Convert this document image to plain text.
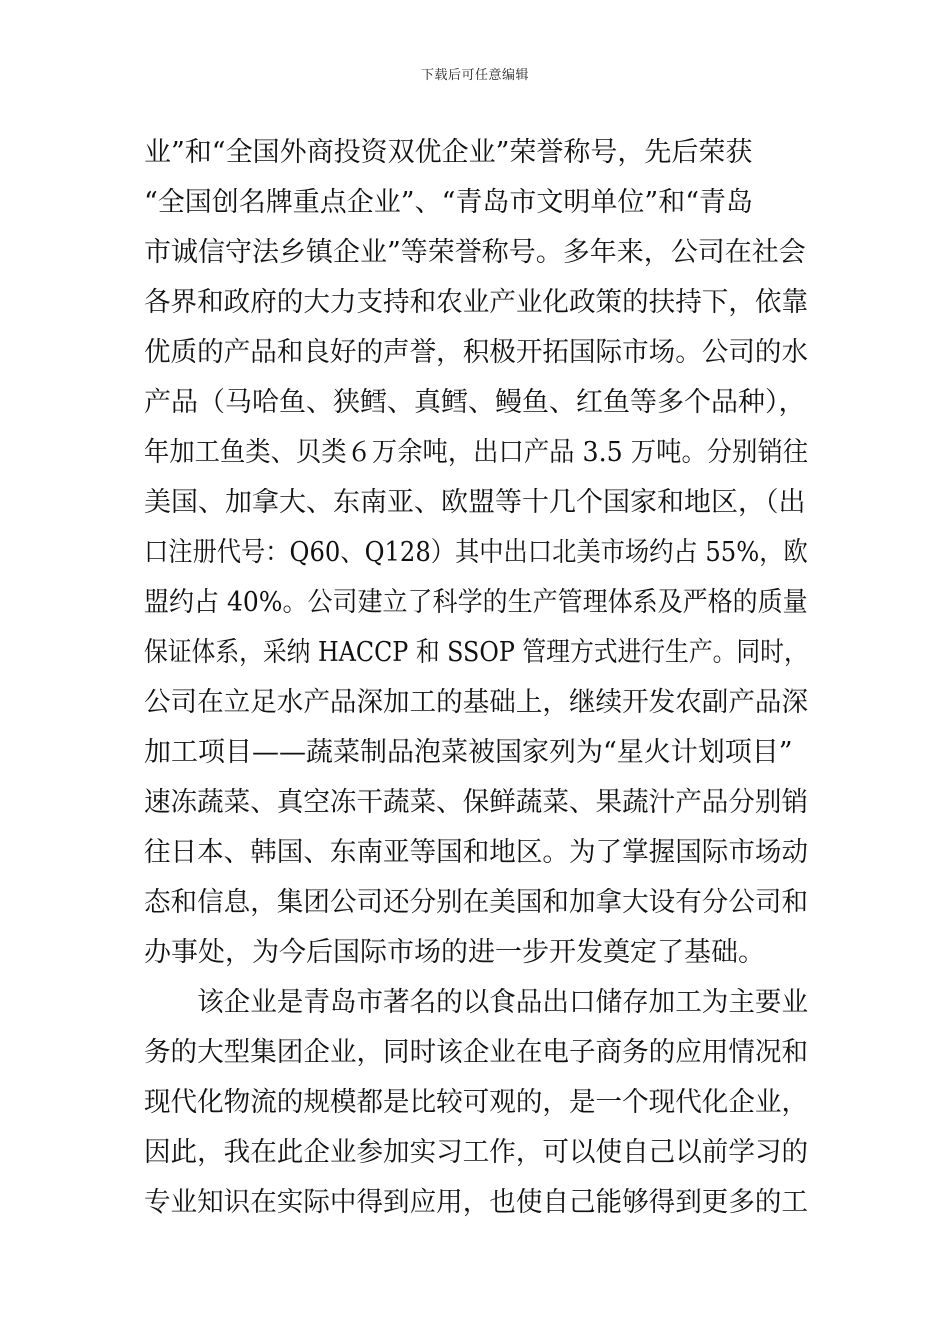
下载后可任意编辑
业”和“全国外商投资双优企业”荣誉称号，先后荣获
“全国创名牌重点企业”、“青岛市文明单位”和“青岛
市诚信守法乡镇企业”等荣誉称号。多年来，公司在社会
各界和政府的大力支持和农业产业化政策的扶持下，依靠
优质的产品和良好的声誉，积极开拓国际市场。公司的水
产品（马哈鱼、狭鳕、真鳕、鳗鱼、红鱼等多个品种），
年加工鱼类、贝类６万余吨，出口产品 3.5 万吨。分别销往
美国、加拿大、东南亚、欧盟等十几个国家和地区，（出
口注册代号：Q60、Q128）其中出口北美市场约占 55%，欧
盟约占 40%。公司建立了科学的生产管理体系及严格的质量
保证体系，采纳 HACCP 和 SSOP 管理方式进行生产。同时，
公司在立足水产品深加工的基础上，继续开发农副产品深
加工项目——蔬菜制品泡菜被国家列为“星火计划项目”
速冻蔬菜、真空冻干蔬菜、保鲜蔬菜、果蔬汁产品分别销
往日本、韩国、东南亚等国和地区。为了掌握国际市场动
态和信息，集团公司还分别在美国和加拿大设有分公司和
办事处，为今后国际市场的进一步开发奠定了基础。
　　该企业是青岛市著名的以食品出口储存加工为主要业
务的大型集团企业，同时该企业在电子商务的应用情况和
现代化物流的规模都是比较可观的，是一个现代化企业，
因此，我在此企业参加实习工作，可以使自己以前学习的
专业知识在实际中得到应用，也使自己能够得到更多的工
